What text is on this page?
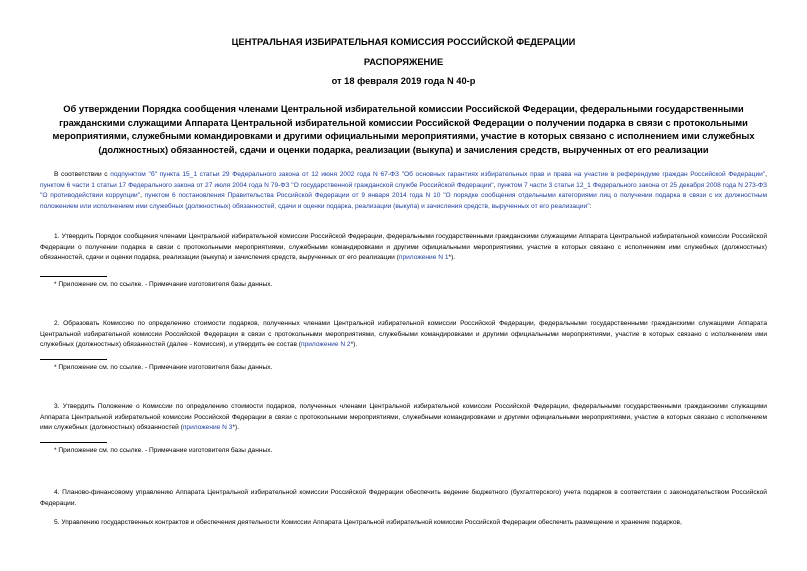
ЦЕНТРАЛЬНАЯ ИЗБИРАТЕЛЬНАЯ КОМИССИЯ РОССИЙСКОЙ ФЕДЕРАЦИИ
РАСПОРЯЖЕНИЕ
от 18 февраля 2019 года N 40-р
Об утверждении Порядка сообщения членами Центральной избирательной комиссии Российской Федерации, федеральными государственными гражданскими служащими Аппарата Центральной избирательной комиссии Российской Федерации о получении подарка в связи с протокольными мероприятиями, служебными командировками и другими официальными мероприятиями, участие в которых связано с исполнением ими служебных (должностных) обязанностей, сдачи и оценки подарка, реализации (выкупа) и зачисления средств, вырученных от его реализации

В соответствии с подпунктом "б" пункта 15_1 статьи 29 Федерального закона от 12 июня 2002 года N 67-ФЗ "Об основных гарантиях избирательных прав и права на участие в референдуме граждан Российской Федерации", пунктом 6 части 1 статьи 17 Федерального закона от 27 июля 2004 года N 79-ФЗ "О государственной гражданской службе Российской Федерации", пунктом 7 части 3 статьи 12_1 Федерального закона от 25 декабря 2008 года N 273-ФЗ "О противодействии коррупции", пунктом 6 постановления Правительства Российской Федерации от 9 января 2014 года N 10 "О порядке сообщения отдельными категориями лиц о получении подарка в связи с их должностным положением или исполнением ими служебных (должностных) обязанностей, сдачи и оценки подарка, реализации (выкупа) и зачисления средств, вырученных от его реализации":

1. Утвердить Порядок сообщения членами Центральной избирательной комиссии Российской Федерации, федеральными государственными гражданскими служащими Аппарата Центральной избирательной комиссии Российской Федерации о получении подарка в связи с протокольными мероприятиями, служебными командировками и другими официальными мероприятиями, участие в которых связано с исполнением ими служебных (должностных) обязанностей, сдачи и оценки подарка, реализации (выкупа) и зачисления средств, вырученных от его реализации (приложение N 1*).

* Приложение см. по ссылке. - Примечание изготовителя базы данных.

2. Образовать Комиссию по определению стоимости подарков, полученных членами Центральной избирательной комиссии Российской Федерации, федеральными государственными гражданскими служащими Аппарата Центральной избирательной комиссии Российской Федерации в связи с протокольными мероприятиями, служебными командировками и другими официальными мероприятиями, участие в которых связано с исполнением ими служебных (должностных) обязанностей (далее - Комиссия), и утвердить ее состав (приложение N 2*).

* Приложение см. по ссылке. - Примечание изготовителя базы данных.

3. Утвердить Положение о Комиссии по определению стоимости подарков, полученных членами Центральной избирательной комиссии Российской Федерации, федеральными государственными гражданскими служащими Аппарата Центральной избирательной комиссии Российской Федерации в связи с протокольными мероприятиями, служебными командировками и другими официальными мероприятиями, участие в которых связано с исполнением ими служебных (должностных) обязанностей (приложение N 3*).

* Приложение см. по ссылке. - Примечание изготовителя базы данных.

4. Планово-финансовому управлению Аппарата Центральной избирательной комиссии Российской Федерации обеспечить ведение бюджетного (бухгалтерского) учета подарков в соответствии с законодательством Российской Федерации.

5. Управлению государственных контрактов и обеспечения деятельности Комиссии Аппарата Центральной избирательной комиссии Российской Федерации обеспечить размещение и хранение подарков,
